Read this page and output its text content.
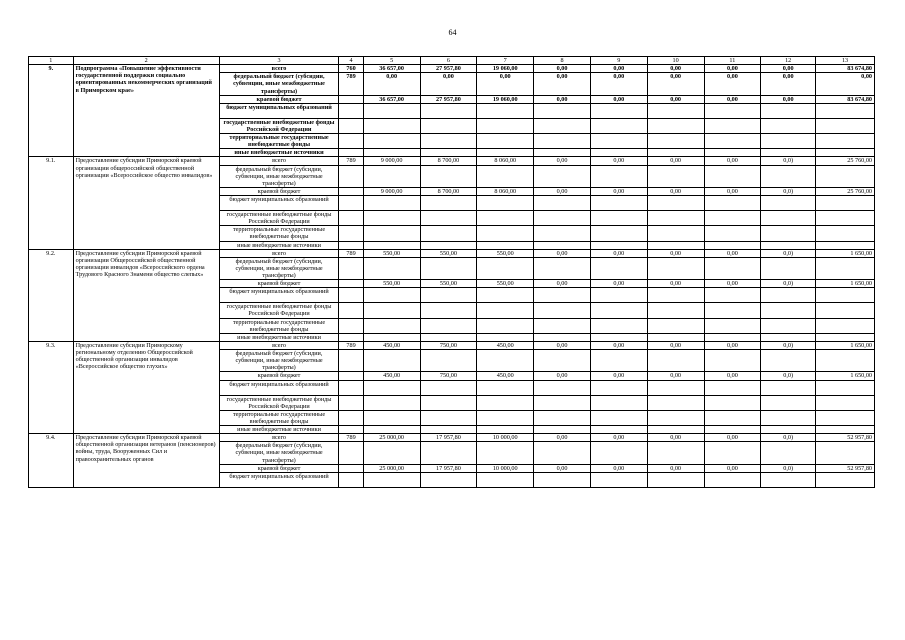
64
1	2	3	4	5	6	7	8	9	10	11	12	13
9.	Подпрограмма «Повышение эффективности государственной поддержки социально ориентированных некоммерческих организаций в Приморском крае»	всего	760	36 657,00	27 957,80	19 060,00	0,00	0,00	0,00	0,00	0,00	83 674,80
		федеральный бюджет (субсидии, субвенции, иные межбюджетные трансферты)	789	0,00	0,00	0,00	0,00	0,00	0,00	0,00	0,00	0,00
		краевой бюджет		36 657,00	27 957,80	19 060,00	0,00	0,00	0,00	0,00	0,00	83 674,80
		бюджет муниципальных образований										
		государственные внебюджетные фонды Российской Федерации										
		территориальные государственные внебюджетные фонды										
		иные внебюджетные источники										
9.1.	Предоставление субсидии Приморской краевой организации общероссийской общественной организации «Всероссийское общество инвалидов»	всего	789	9 000,00	8 700,00	8 060,00	0,00	0,00	0,00	0,00	0,0)	25 760,00
		федеральный бюджет (субсидии, субвенции, иные межбюджетные трансферты)										
		краевой бюджет		9 000,00	8 700,00	8 060,00	0,00	0,00	0,00	0,00	0,0)	25 760,00
		бюджет муниципальных образований										
		государственные внебюджетные фонды Российской Федерации										
		территориальные государственные внебюджетные фонды										
		иные внебюджетные источники										
9.2.	Предоставление субсидии Приморской краевой организации Общероссийской общественной организации инвалидов «Всероссийского ордена Трудового Красного Знамени общество слепых»	всего	789	550,00	550,00	550,00	0,00	0,00	0,00	0,00	0,0)	1 650,00
		федеральный бюджет (субсидии, субвенции, иные межбюджетные трансферты)										
		краевой бюджет		550,00	550,00	550,00	0,00	0,00	0,00	0,00	0,0)	1 650,00
		бюджет муниципальных образований										
		государственные внебюджетные фонды Российской Федерации										
		территориальные государственные внебюджетные фонды										
		иные внебюджетные источники										
9.3.	Предоставление субсидии Приморскому региональному отделению Общероссийской общественной организации инвалидов «Всероссийское общество глухих»	всего	789	450,00	750,00	450,00	0,00	0,00	0,00	0,00	0,0)	1 650,00
		федеральный бюджет (субсидии, субвенции, иные межбюджетные трансферты)										
		краевой бюджет		450,00	750,00	450,00	0,00	0,00	0,00	0,00	0,0)	1 650,00
		бюджет муниципальных образований										
		государственные внебюджетные фонды Российской Федерации										
		территориальные государственные внебюджетные фонды										
		иные внебюджетные источники										
9.4.	Предоставление субсидии Приморской краевой общественной организации ветеранов (пенсионеров) войны, труда, Вооруженных Сил и правоохранительных органов	всего	789	25 000,00	17 957,80	10 000,00	0,00	0,00	0,00	0,00	0,0)	52 957,80
		федеральный бюджет (субсидии, субвенции, иные межбюджетные трансферты)										
		краевой бюджет		25 000,00	17 957,80	10 000,00	0,00	0,00	0,00	0,00	0,0)	52 957,80
		бюджет муниципальных образований										
